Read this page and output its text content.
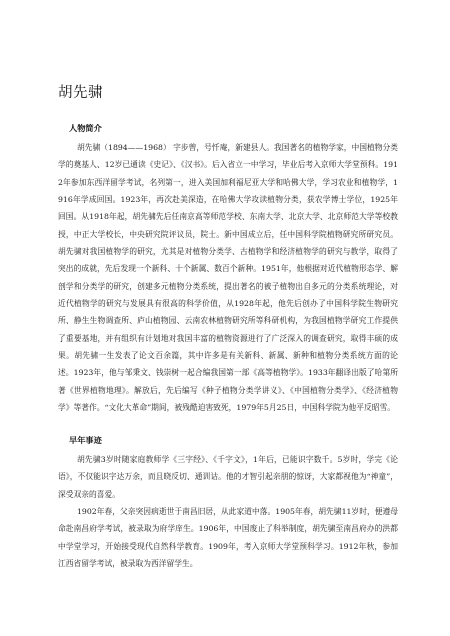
胡先骕
人物简介

胡先骕（1894——1968） 字步曾，号忏庵，新建县人。我国著名的植物学家，中国植物分类学的奠基人、12岁已通读《史记》、《汉书》。后入省立一中学习，毕业后考入京师大学堂预科。1912年参加东西洋留学考试，名列第一，进入美国加利福尼亚大学和哈佛大学，学习农业和植物学，1916年学成回国。1923年，再次赴美深造，在哈佛大学攻读植物分类，获农学博士学位，1925年回国。从1918年起，胡先骕先后任南京高等师范学校、东南大学、北京大学、北京师范大学等校教授，中正大学校长，中央研究院评议员，院士。新中国成立后，任中国科学院植物研究所研究员。胡先骕对我国植物学的研究，尤其是对植物分类学、古植物学和经济植物学的研究与教学，取得了突出的成就，先后发现一个新科、十个新属、数百个新种。1951年，他根据对近代植物形态学、解剖学和分类学的研究，创建多元植物分类系统，提出著名的被子植物出自多元的分类系统理论，对近代植物学的研究与发展具有很高的科学价值，从1928年起，他先后创办了中国科学院生物研究所、静生生物调查所、庐山植物园、云南农林植物研究所等科研机构，为我国植物学研究工作提供了重要基地，并有组织有计划地对我国丰富的植物资源进行了广泛深入的调查研究，取得丰硕的成果。胡先骕一生发表了论文百余篇，其中许多是有关新科、新属、新种和植物分类系统方面的论述。1923年，他与邹秉文、钱崇树一起合编我国第一部《高等植物学》。1933年翻译出版了哈第所著《世界植物地理》。解放后，先后编写《种子植物分类学讲义》、《中国植物分类学》、《经济植物学》等著作。“文化大革命”期间，被残酷迫害致死，1979年5月25日，中国科学院为他平反昭雪。

早年事迹

胡先骕3岁时随家庭教师学《三字经》、《千字文》，1年后，已能识字数千。5岁时，学完《论语》，不仅能识字达万余，而且晓反切、通训诂。他的才智引起亲朋的惊讶，大家都视他为“神童”，深受双亲的喜爱。

1902年春，父亲突因病逝世于南昌旧居，从此家道中落。1905年春，胡先骕11岁时，便遵母命赴南昌府学考试，被录取为府学庠生。1906年，中国废止了科举制度，胡先骕至南昌府办的洪都中学堂学习，开始接受现代自然科学教育。1909年，考入京师大学堂预科学习。1912年秋，参加江西省留学考试，被录取为西洋留学生。
